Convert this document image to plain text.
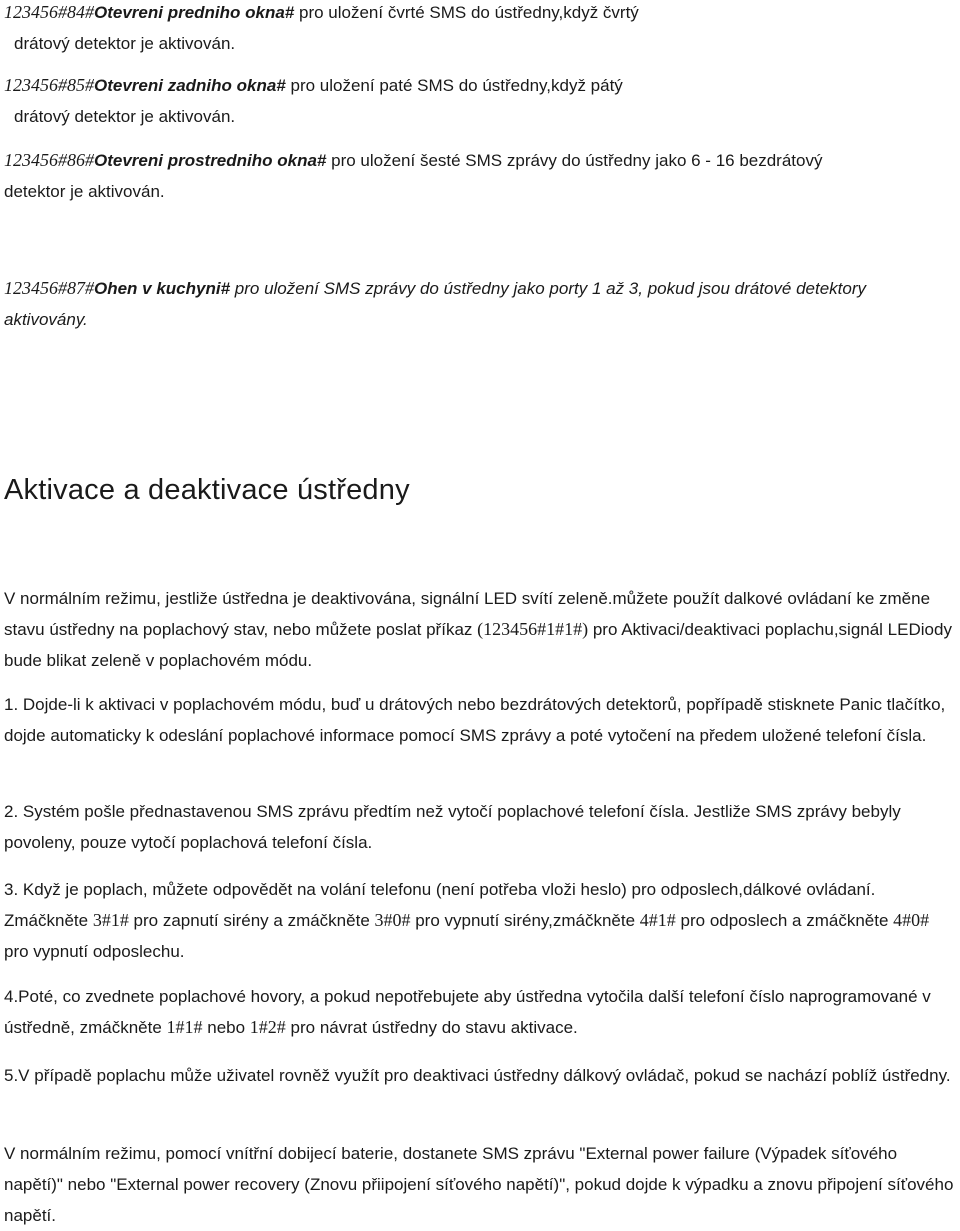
123456#84#Otevreni predniho okna# pro uložení čvrté SMS do ústředny,když čvrtý
drátový detektor je aktivován.

123456#85#Otevreni zadniho okna# pro uložení paté SMS do ústředny,když pátý
drátový detektor je aktivován.

123456#86#Otevreni prostredniho okna# pro uložení šesté SMS zprávy do ústředny jako 6 - 16 bezdrátový
detektor je aktivován.

123456#87#Ohen v kuchyni# pro uložení SMS zprávy do ústředny jako porty 1 až 3, pokud jsou drátové detektory
aktivovány.

Aktivace a deaktivace ústředny

V normálním režimu, jestliže ústředna je deaktivována, signální LED svítí zeleně.můžete použít dalkové ovládaní ke změne stavu ústředny na poplachový stav, nebo můžete poslat příkaz (123456#1#1#) pro Aktivaci/deaktivaci poplachu,signál LEDiody bude blikat zeleně v poplachovém módu.

1. Dojde-li k aktivaci v poplachovém módu, buď u drátových nebo bezdrátových detektorů, popřípadě stisknete Panic tlačítko, dojde automaticky k odeslání poplachové informace pomocí SMS zprávy a poté vytočení na předem uložené telefoní čísla.

2. Systém pošle přednastavenou SMS zprávu předtím než vytočí poplachové telefoní čísla. Jestliže SMS zprávy bebyly povoleny, pouze vytočí poplachová telefoní čísla.

3. Když je poplach, můžete odpovědět na volání telefonu (není potřeba vloži heslo) pro odposlech,dálkové ovládaní. Zmáčkněte 3#1# pro zapnutí sirény a zmáčkněte 3#0# pro vypnutí sirény,zmáčkněte 4#1# pro odposlech a zmáčkněte 4#0# pro vypnutí odposlechu.

4.Poté, co zvednete poplachové hovory, a pokud nepotřebujete aby ústředna vytočila další telefoní číslo naprogramované v ústředně, zmáčkněte 1#1# nebo 1#2# pro návrat ústředny do stavu aktivace.

5.V případě poplachu může uživatel rovněž využít pro deaktivaci ústředny dálkový ovládač, pokud se nachází poblíž ústředny.

V normálním režimu, pomocí vnítřní dobijecí baterie, dostanete SMS zprávu "External power failure (Výpadek síťového napětí)" nebo "External power recovery (Znovu přiipojení síťového napětí)", pokud dojde k výpadku a znovu připojení síťového napětí.
